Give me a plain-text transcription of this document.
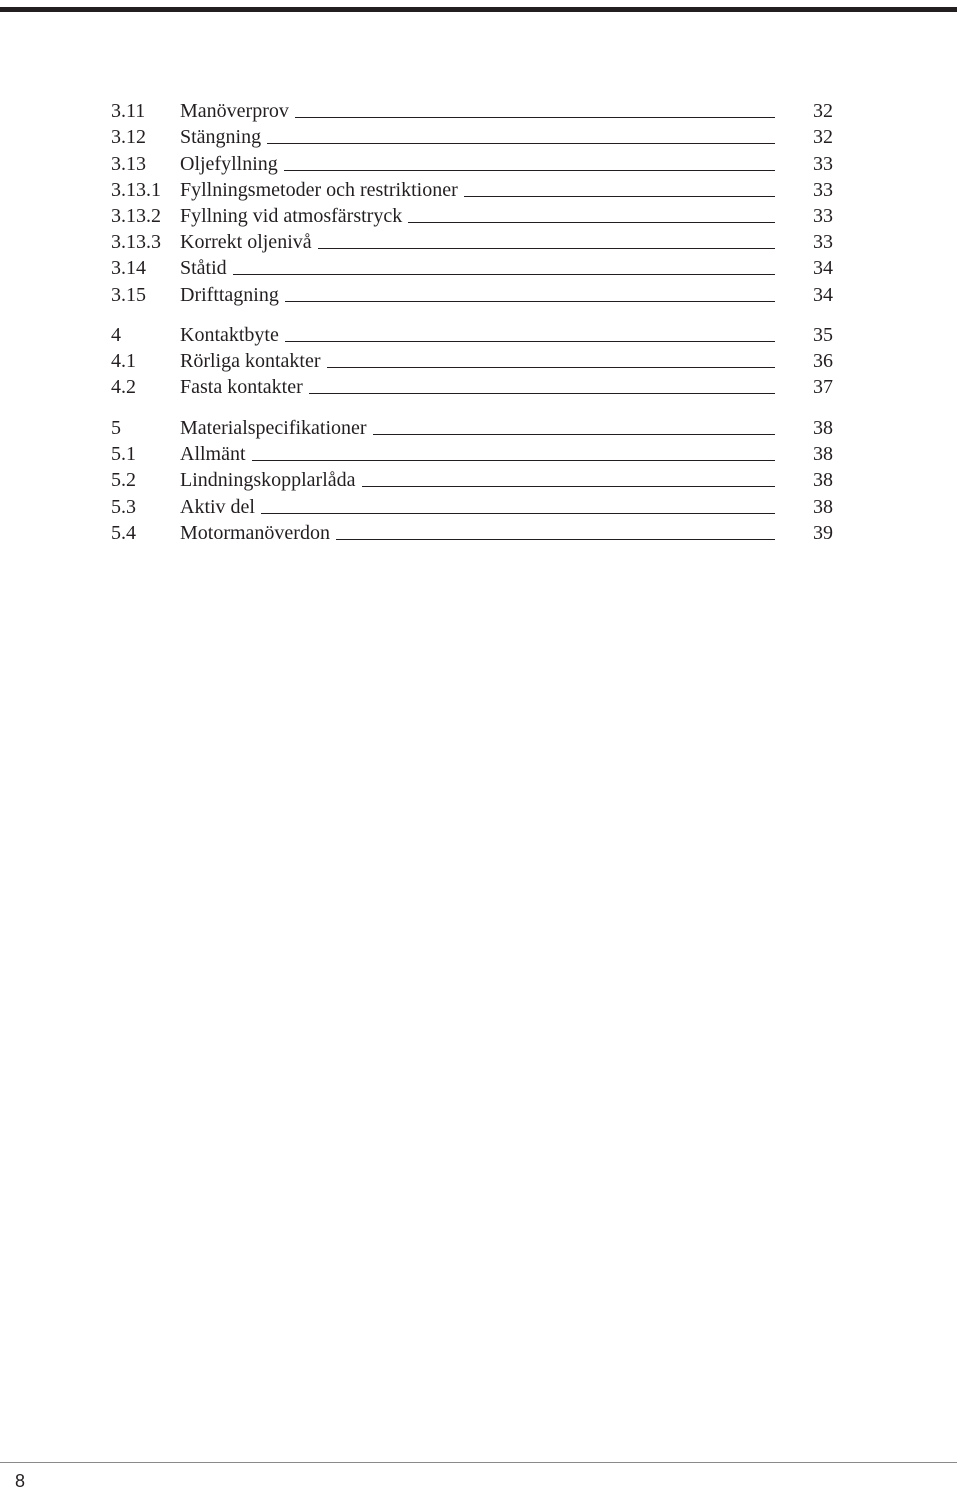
3.11	Manöverprov	32
3.12	Stängning	32
3.13	Oljefyllning	33
3.13.1 Fyllningsmetoder och restriktioner	33
3.13.2 Fyllning vid atmosfärstryck	33
3.13.3 Korrekt oljenivå	33
3.14	Ståtid	34
3.15	Drifttagning	34
4	Kontaktbyte	35
4.1	Rörliga kontakter	36
4.2	Fasta kontakter	37
5	Materialspecifikationer	38
5.1	Allmänt	38
5.2	Lindningskopplarlåda	38
5.3	Aktiv del	38
5.4	Motormanöverdon	39
8
